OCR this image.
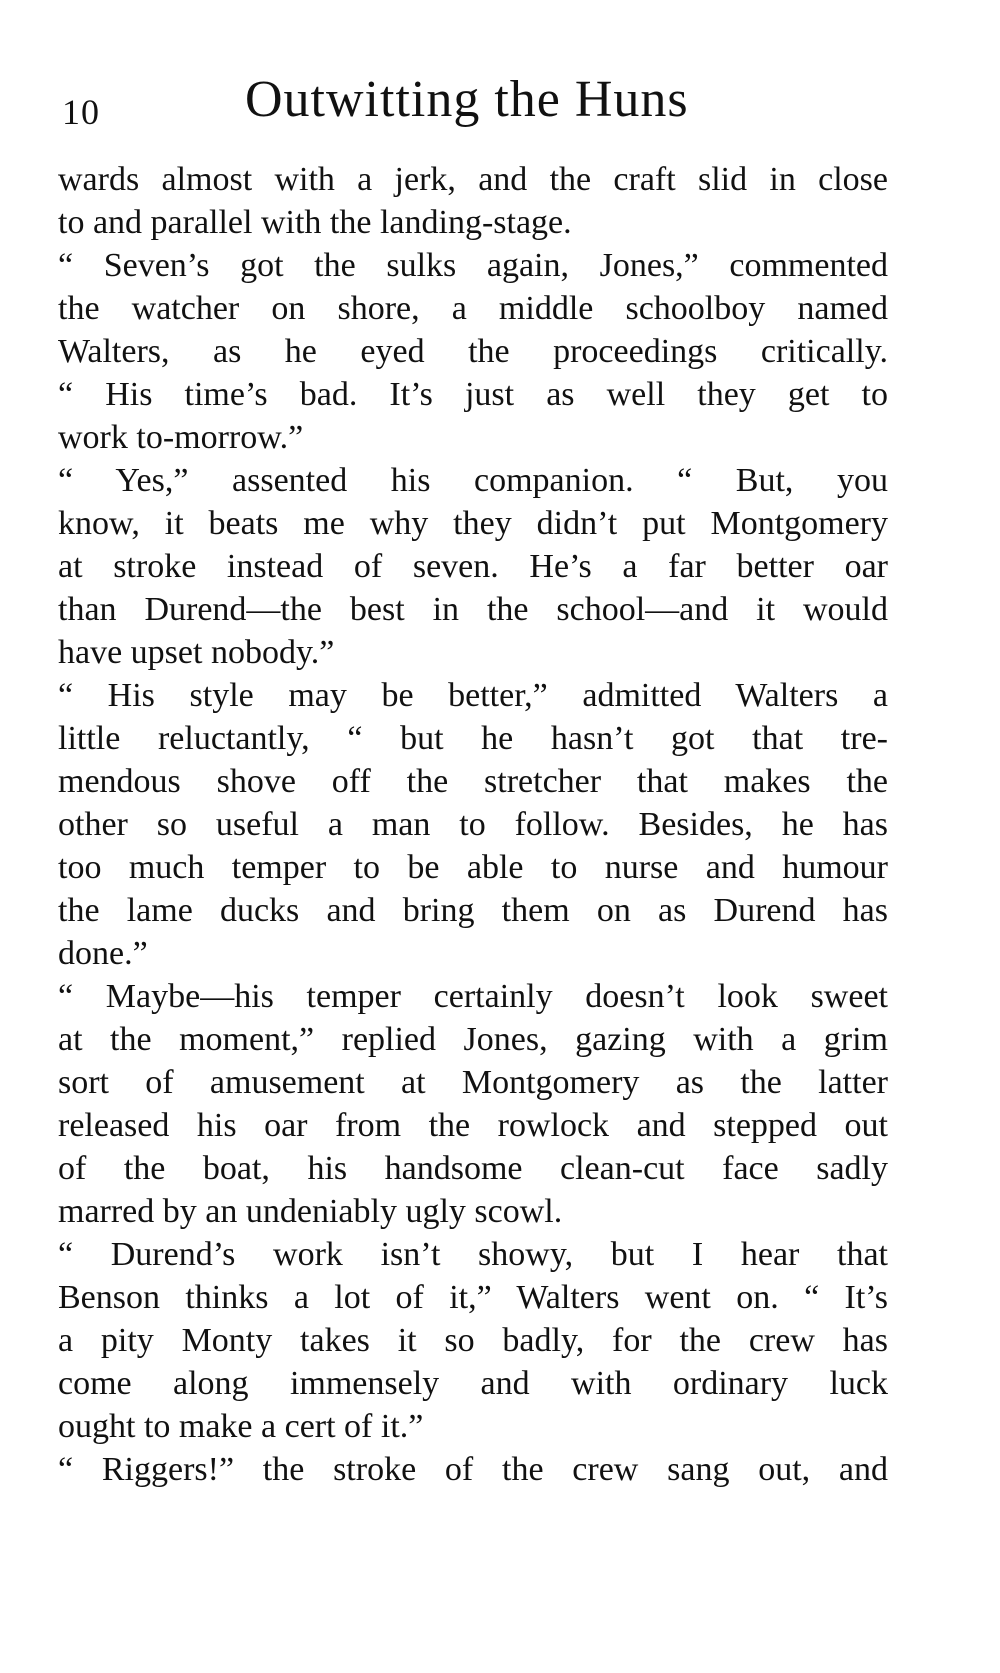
10	Outwitting the Huns
wards almost with a jerk, and the craft slid in close
to and parallel with the landing-stage.
“ Seven’s got the sulks again, Jones,” commented
the watcher on shore, a middle schoolboy named
Walters, as he eyed the proceedings critically.
“ His time’s bad. It’s just as well they get to
work to-morrow.”
“ Yes,” assented his companion. “ But, you
know, it beats me why they didn’t put Montgomery
at stroke instead of seven. He’s a far better oar
than Durend—the best in the school—and it would
have upset nobody.”
“ His style may be better,” admitted Walters a
little reluctantly, “ but he hasn’t got that tre-
mendous shove off the stretcher that makes the
other so useful a man to follow. Besides, he has
too much temper to be able to nurse and humour
the lame ducks and bring them on as Durend has
done.”
“ Maybe—his temper certainly doesn’t look sweet
at the moment,” replied Jones, gazing with a grim
sort of amusement at Montgomery as the latter
released his oar from the rowlock and stepped out
of the boat, his handsome clean-cut face sadly
marred by an undeniably ugly scowl.
“ Durend’s work isn’t showy, but I hear that
Benson thinks a lot of it,” Walters went on. “ It’s
a pity Monty takes it so badly, for the crew has
come along immensely and with ordinary luck
ought to make a cert of it.”
“ Riggers!” the stroke of the crew sang out, and
